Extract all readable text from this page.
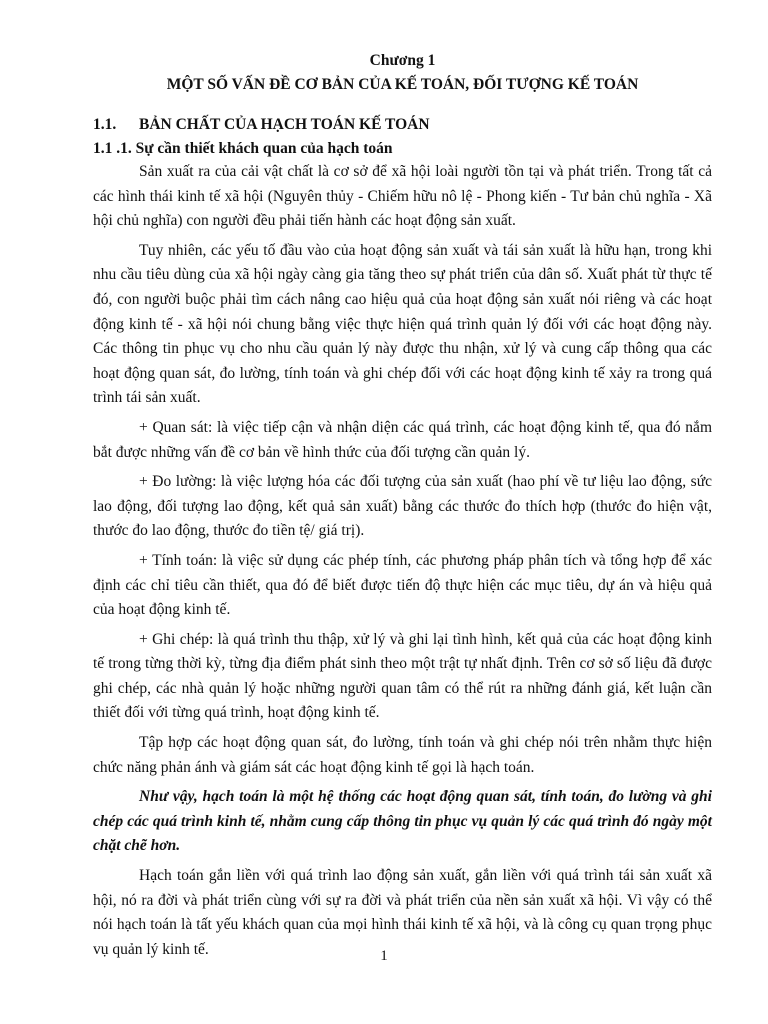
Chương 1

MỘT SỐ VẤN ĐỀ CƠ BẢN CỦA KẾ TOÁN, ĐỐI TƯỢNG KẾ TOÁN

1.1.	BẢN CHẤT CỦA HẠCH TOÁN KẾ TOÁN

1.1 .1. Sự cần thiết khách quan của hạch toán

Sản xuất ra của cải vật chất là cơ sở để xã hội loài người tồn tại và phát triển. Trong tất cả các hình thái kinh tế xã hội (Nguyên thủy - Chiếm hữu nô lệ - Phong kiến - Tư bản chủ nghĩa - Xã hội chủ nghĩa) con người đều phải tiến hành các hoạt động sản xuất.

Tuy nhiên, các yếu tố đầu vào của hoạt động sản xuất và tái sản xuất là hữu hạn, trong khi nhu cầu tiêu dùng của xã hội ngày càng gia tăng theo sự phát triển của dân số. Xuất phát từ thực tế đó, con người buộc phải tìm cách nâng cao hiệu quả của hoạt động sản xuất nói riêng và các hoạt động kinh tế - xã hội nói chung bằng việc thực hiện quá trình quản lý đối với các hoạt động này. Các thông tin phục vụ cho nhu cầu quản lý này được thu nhận, xử lý và cung cấp thông qua các hoạt động quan sát, đo lường, tính toán và ghi chép đối với các hoạt động kinh tế xảy ra trong quá trình tái sản xuất.

+ Quan sát: là việc tiếp cận và nhận diện các quá trình, các hoạt động kinh tế, qua đó nắm bắt được những vấn đề cơ bản về hình thức của đối tượng cần quản lý.

+ Đo lường: là việc lượng hóa các đối tượng của sản xuất (hao phí về tư liệu lao động, sức lao động, đối tượng lao động, kết quả sản xuất) bằng các thước đo thích hợp (thước đo hiện vật, thước đo lao động, thước đo tiền tệ/ giá trị).

+ Tính toán: là việc sử dụng các phép tính, các phương pháp phân tích và tổng hợp để xác định các chỉ tiêu cần thiết, qua đó để biết được tiến độ thực hiện các mục tiêu, dự án và hiệu quả của hoạt động kinh tế.

+ Ghi chép: là quá trình thu thập, xử lý và ghi lại tình hình, kết quả của các hoạt động kinh tế trong từng thời kỳ, từng địa điểm phát sinh theo một trật tự nhất định. Trên cơ sở số liệu đã được ghi chép, các nhà quản lý hoặc những người quan tâm có thể rút ra những đánh giá, kết luận cần thiết đối với từng quá trình, hoạt động kinh tế.

Tập hợp các hoạt động quan sát, đo lường, tính toán và ghi chép nói trên nhằm thực hiện chức năng phản ánh và giám sát các hoạt động kinh tế gọi là hạch toán.

Như vậy, hạch toán là một hệ thống các hoạt động quan sát, tính toán, đo lường và ghi chép các quá trình kinh tế, nhằm cung cấp thông tin phục vụ quản lý các quá trình đó ngày một chặt chẽ hơn.

Hạch toán gắn liền với quá trình lao động sản xuất, gắn liền với quá trình tái sản xuất xã hội, nó ra đời và phát triển cùng với sự ra đời và phát triển của nền sản xuất xã hội. Vì vậy có thể nói hạch toán là tất yếu khách quan của mọi hình thái kinh tế xã hội, và là công cụ quan trọng phục vụ quản lý kinh tế.	1
